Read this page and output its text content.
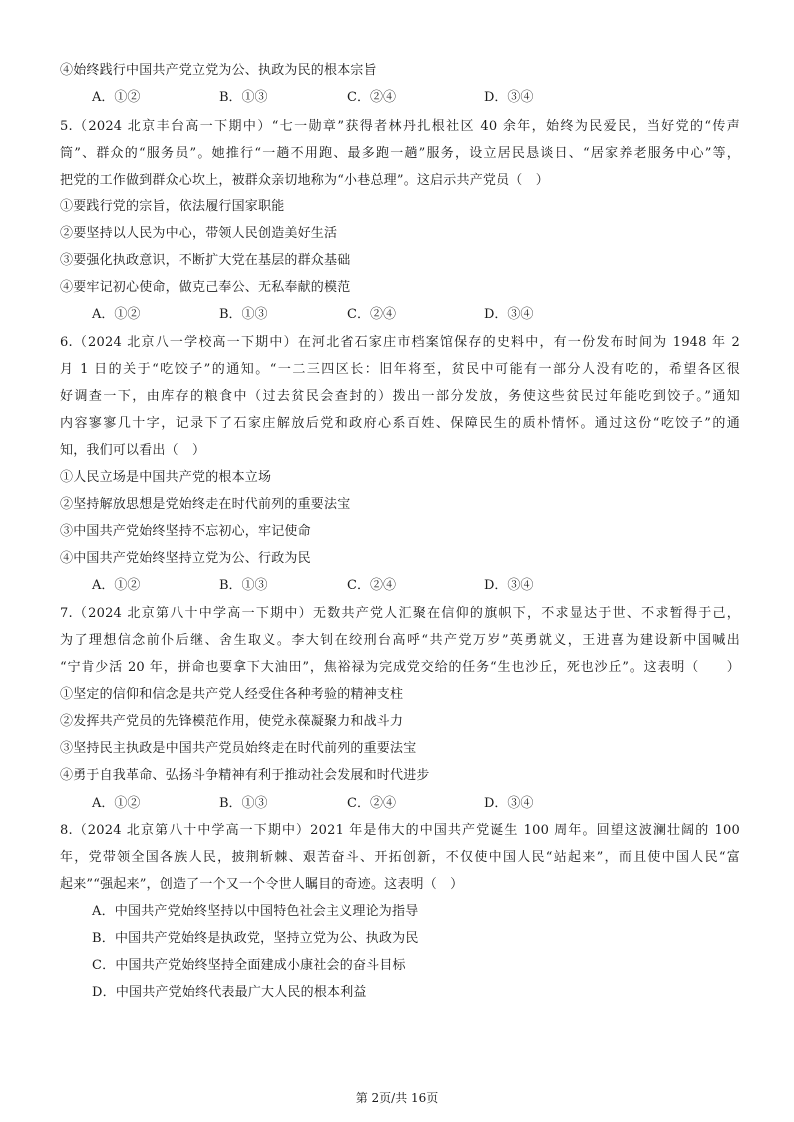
④始终践行中国共产党立党为公、执政为民的根本宗旨
A．①②	B．①③	C．②④	D．③④
5.（2024 北京丰台高一下期中）“七一勋章”获得者林丹扎根社区 40 余年，始终为民爱民，当好党的“传声
筒”、群众的“服务员”。她推行“一趟不用跑、最多跑一趟”服务，设立居民恳谈日、“居家养老服务中心”等，
把党的工作做到群众心坎上，被群众亲切地称为“小巷总理”。这启示共产党员（　）
①要践行党的宗旨，依法履行国家职能
②要坚持以人民为中心，带领人民创造美好生活
③要强化执政意识，不断扩大党在基层的群众基础
④要牢记初心使命，做克己奉公、无私奉献的模范
A．①②	B．①③	C．②④	D．③④
6.（2024 北京八一学校高一下期中）在河北省石家庄市档案馆保存的史料中，有一份发布时间为 1948 年 2
月 1 日的关于“吃饺子”的通知。“一二三四区长：旧年将至，贫民中可能有一部分人没有吃的，希望各区很
好调查一下，由库存的粮食中（过去贫民会查封的）拨出一部分发放，务使这些贫民过年能吃到饺子。”通知
内容寥寥几十字，记录下了石家庄解放后党和政府心系百姓、保障民生的质朴情怀。通过这份“吃饺子”的通
知，我们可以看出（　）
①人民立场是中国共产党的根本立场
②坚持解放思想是党始终走在时代前列的重要法宝
③中国共产党始终坚持不忘初心，牢记使命
④中国共产党始终坚持立党为公、行政为民
A．①②	B．①③	C．②④	D．③④
7.（2024 北京第八十中学高一下期中）无数共产党人汇聚在信仰的旗帜下，不求显达于世、不求暂得于己，
为了理想信念前仆后继、舍生取义。李大钊在绞刑台高呼“共产党万岁”英勇就义，王进喜为建设新中国喊出
“宁肯少活 20 年，拼命也要拿下大油田”，焦裕禄为完成党交给的任务“生也沙丘，死也沙丘”。这表明（　　）
①坚定的信仰和信念是共产党人经受住各种考验的精神支柱
②发挥共产党员的先锋模范作用，使党永葆凝聚力和战斗力
③坚持民主执政是中国共产党员始终走在时代前列的重要法宝
④勇于自我革命、弘扬斗争精神有利于推动社会发展和时代进步
A．①②	B．①③	C．②④	D．③④
8.（2024 北京第八十中学高一下期中）2021 年是伟大的中国共产党诞生 100 周年。回望这波澜壮阔的 100
年，党带领全国各族人民，披荆斩棘、艰苦奋斗、开拓创新，不仅使中国人民“站起来”，而且使中国人民“富
起来”“强起来”，创造了一个又一个令世人瞩目的奇迹。这表明（　）
A．中国共产党始终坚持以中国特色社会主义理论为指导
B．中国共产党始终是执政党，坚持立党为公、执政为民
C．中国共产党始终坚持全面建成小康社会的奋斗目标
D．中国共产党始终代表最广大人民的根本利益
第 2页/共 16页
